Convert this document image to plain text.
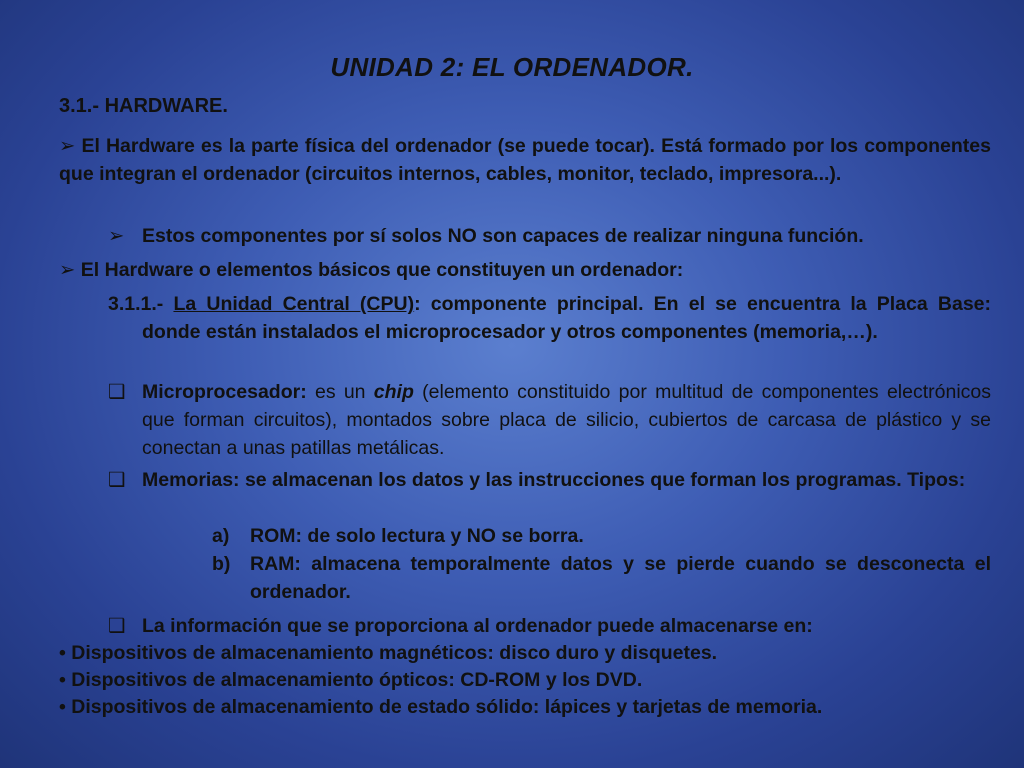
UNIDAD 2: EL ORDENADOR.
3.1.- HARDWARE.
➢ El Hardware es la parte física del ordenador (se puede tocar). Está formado por los componentes que integran el ordenador (circuitos internos, cables, monitor, teclado, impresora...).
➢ Estos componentes por sí solos NO son capaces de realizar ninguna función.
➢ El Hardware o elementos básicos que constituyen un ordenador:
3.1.1.- La Unidad Central (CPU): componente principal. En el se encuentra la Placa Base: donde están instalados el microprocesador y otros componentes (memoria,…).
❑ Microprocesador: es un chip (elemento constituido por multitud de componentes electrónicos que forman circuitos), montados sobre placa de silicio, cubiertos de carcasa de plástico y se conectan a unas patillas metálicas.
❑ Memorias: se almacenan los datos y las instrucciones que forman los programas. Tipos:
a) ROM: de solo lectura y NO se borra.
b) RAM: almacena temporalmente datos y se pierde cuando se desconecta el ordenador.
❑ La información que se proporciona al ordenador puede almacenarse en:
• Dispositivos de almacenamiento magnéticos: disco duro y disquetes.
• Dispositivos de almacenamiento ópticos: CD-ROM y los DVD.
• Dispositivos de almacenamiento de estado sólido: lápices y tarjetas de memoria.
